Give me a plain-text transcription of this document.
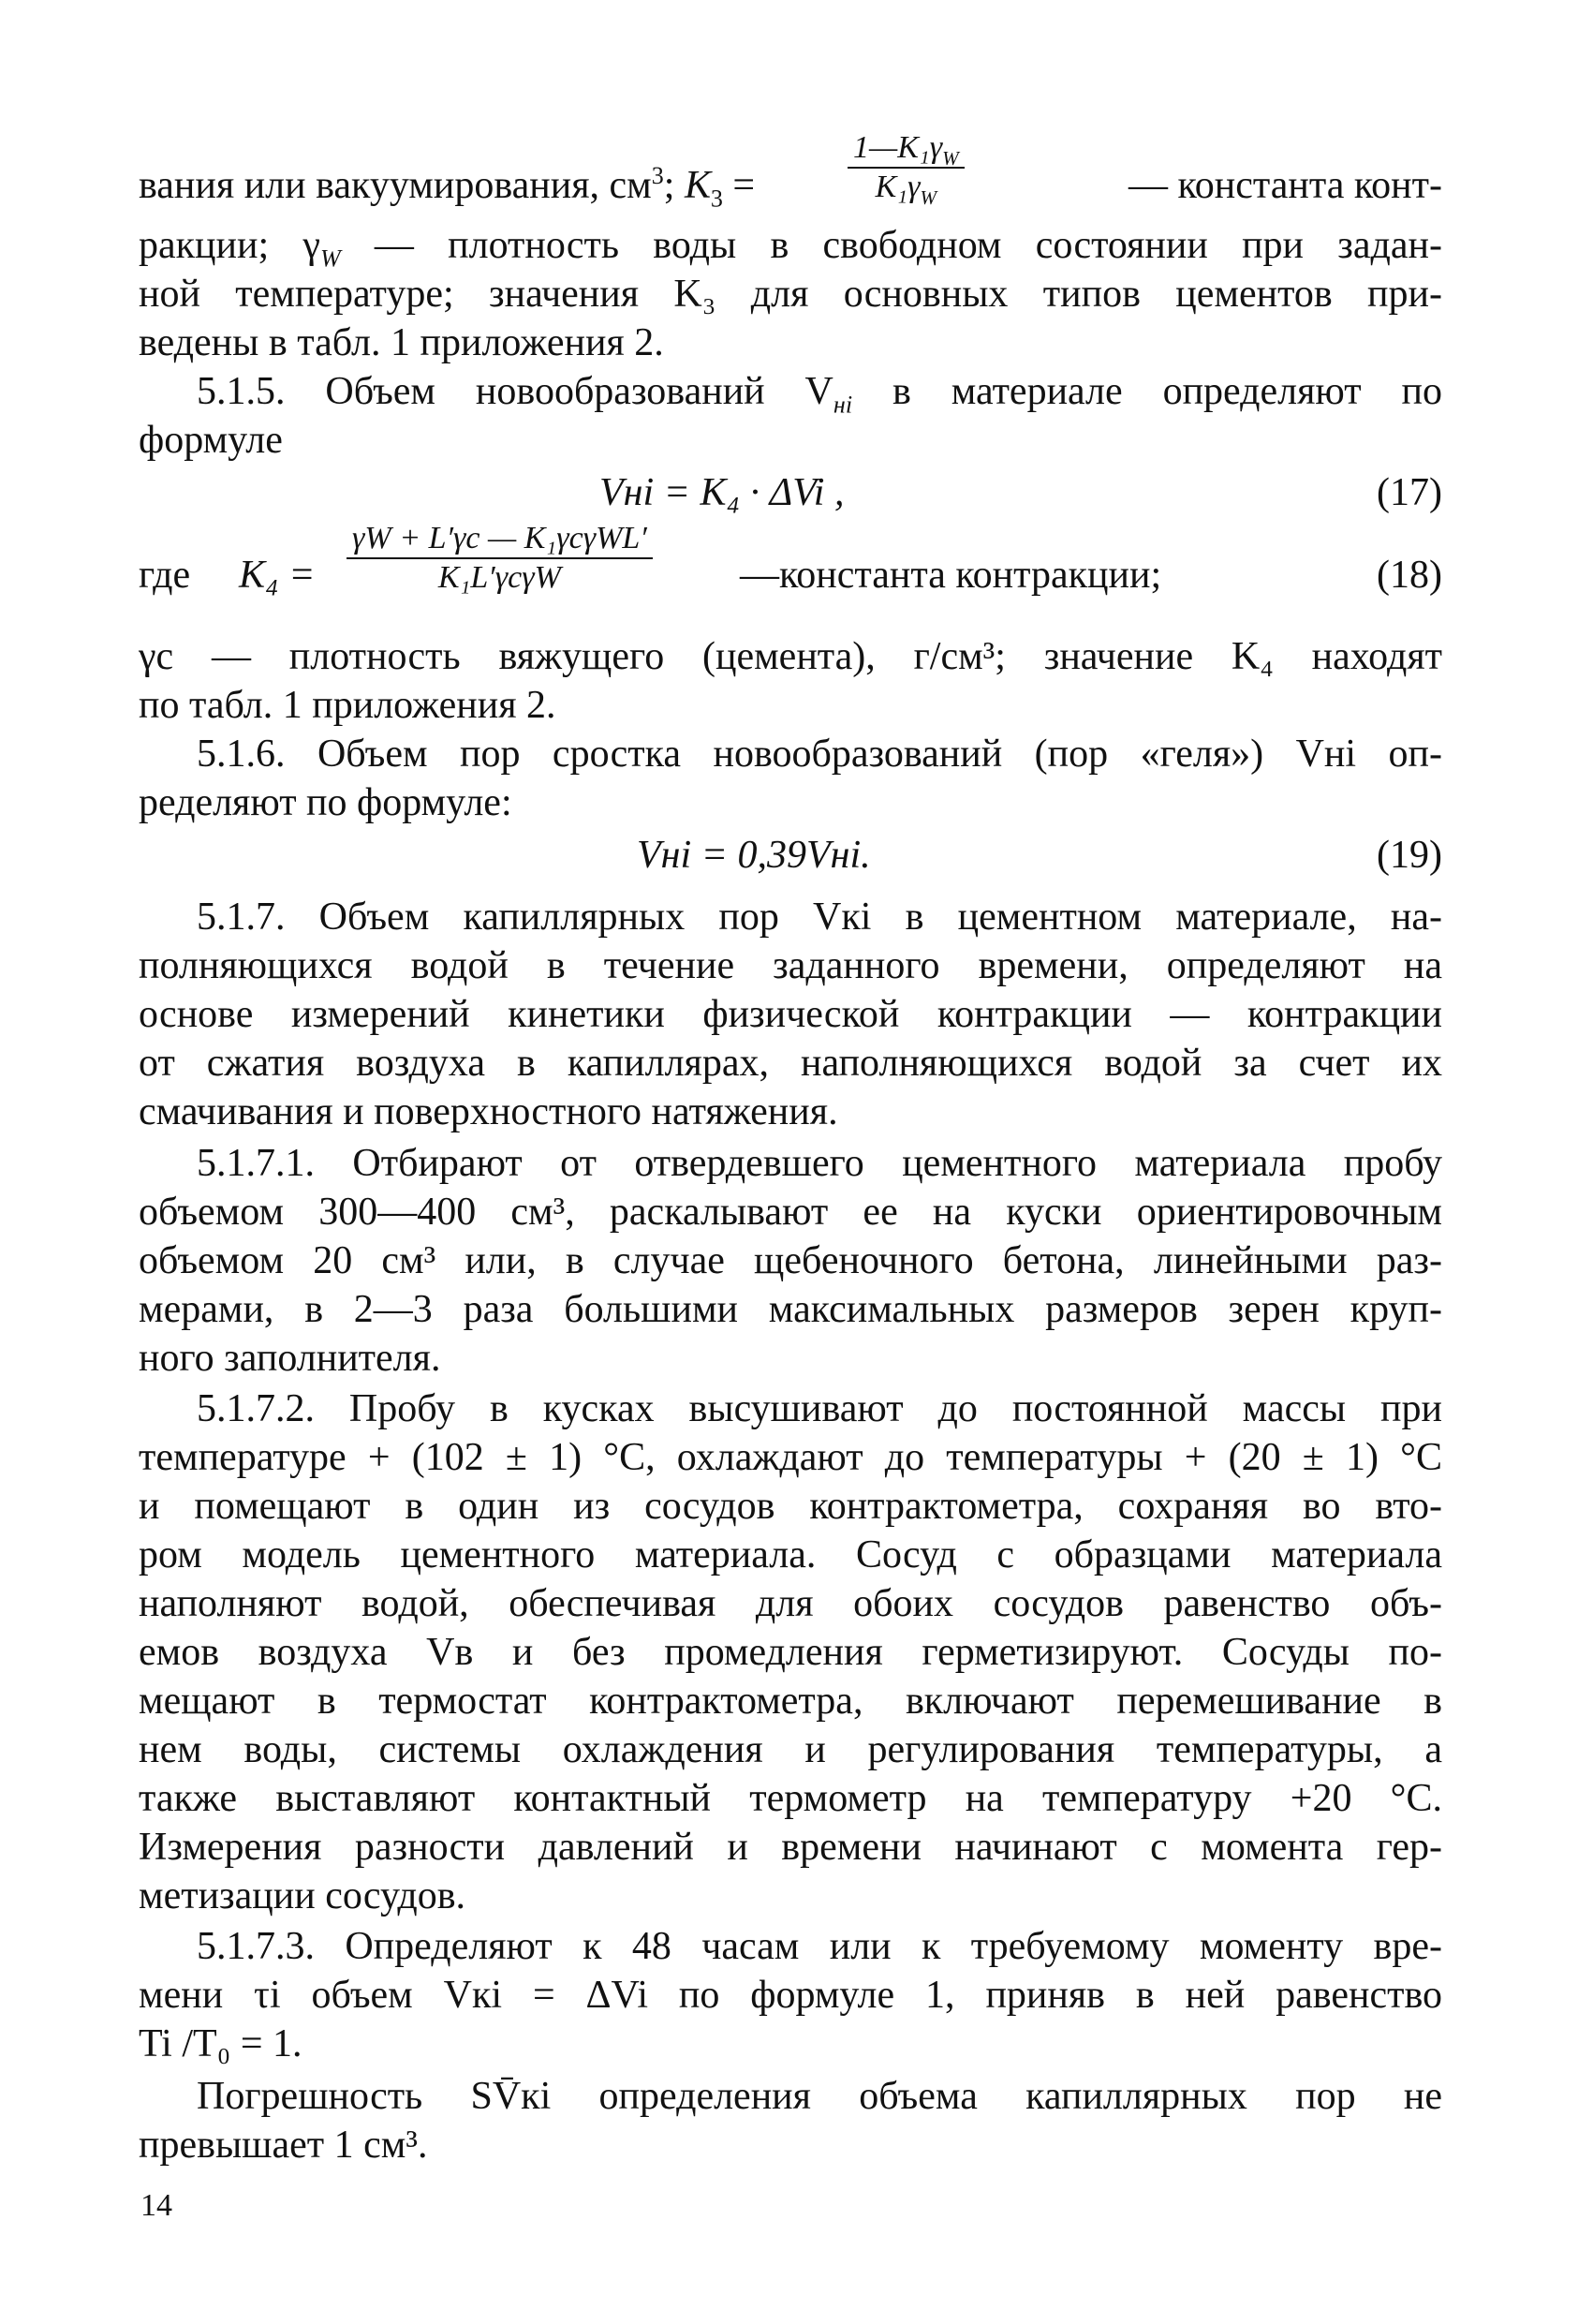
вания или вакуумирования, $см^3$; $К_3$ =	$\frac{1—K_1\gamma_W}{K_1\gamma_W}$	— константа конт-
ракции; $\gamma_W$ — плотность воды в свободном состоянии при задан-
ной температуре; значения K₃ для основных типов цементов при-
ведены в табл. 1 приложения 2.
5.1.5. Объем новообразований $V_{нi}$ в материале определяют по
формуле
Vнi = K₄ · ΔVi ,	(17)
где K₄ =
γW + L′γc — K₁γcγWL′
K₁L′γcγW	—константа контракции;	(18)
γc — плотность вяжущего (цемента), г/см³; значение K₄ находят
по табл. 1 приложения 2.
5.1.6. Объем пор сростка новообразований (пор «геля») Vнi оп-
ределяют по формуле:
Vнi = 0,39Vнi.	(19)
5.1.7. Объем капиллярных пор Vкi в цементном материале, на-
полняющихся водой в течение заданного времени, определяют на
основе измерений кинетики физической контракции — контракции
от сжатия воздуха в капиллярах, наполняющихся водой за счет их
смачивания и поверхностного натяжения.
5.1.7.1. Отбирают от отвердевшего цементного материала пробу
объемом 300—400 см³, раскалывают ее на куски ориентировочным
объемом 20 см³ или, в случае щебеночного бетона, линейными раз-
мерами, в 2—3 раза большими максимальных размеров зерен круп-
ного заполнителя.
5.1.7.2. Пробу в кусках высушивают до постоянной массы при
температуре + (102 ± 1) °С, охлаждают до температуры + (20 ± 1) °С
и помещают в один из сосудов контрактометра, сохраняя во вто-
ром модель цементного материала. Сосуд с образцами материала
наполняют водой, обеспечивая для обоих сосудов равенство объ-
емов воздуха Vв и без промедления герметизируют. Сосуды по-
мещают в термостат контрактометра, включают перемешивание в
нем воды, системы охлаждения и регулирования температуры, а
также выставляют контактный термометр на температуру +20 °С.
Измерения разности давлений и времени начинают с момента гер-
метизации сосудов.
5.1.7.3. Определяют к 48 часам или к требуемому моменту вре-
мени τi объем Vкi = ΔVi по формуле 1, приняв в ней равенство
Ti /T₀ = 1.
Погрешность SV̄кi определения объема капиллярных пор не
превышает 1 см³.
14
